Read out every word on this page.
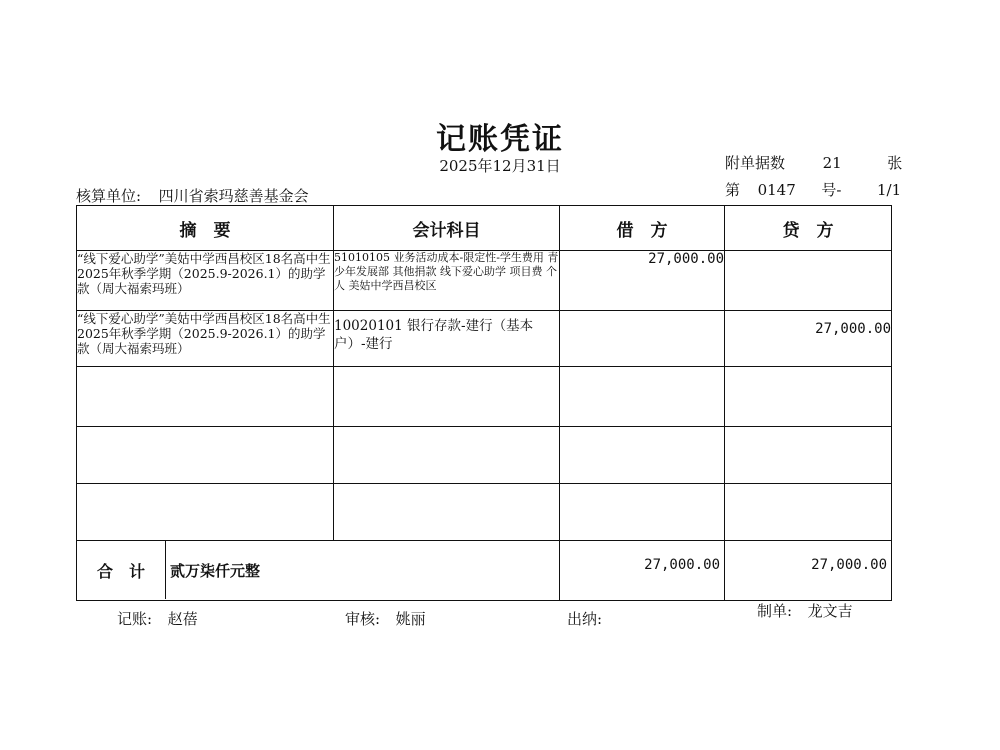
记账凭证
2025年12月31日	附单据数	21	张
核算单位: 四川省索玛慈善基金会	第 0147 号- 1/1
摘　要	会计科目	借　方	贷　方
“线下爱心助学”美姑中学西昌校区18名高中生2025年秋季学期（2025.9-2026.1）的助学款（周大福索玛班）	51010105 业务活动成本-限定性-学生费用 青少年发展部 其他捐款 线下爱心助学 项目费 个人 美姑中学西昌校区	27,000.00	
“线下爱心助学”美姑中学西昌校区18名高中生2025年秋季学期（2025.9-2026.1）的助学款（周大福索玛班）	10020101 银行存款-建行（基本户）-建行		27,000.00

合　计 贰万柒仟元整		27,000.00	27,000.00
记账: 赵蓓	审核: 姚丽	出纳:	制单: 龙文吉
